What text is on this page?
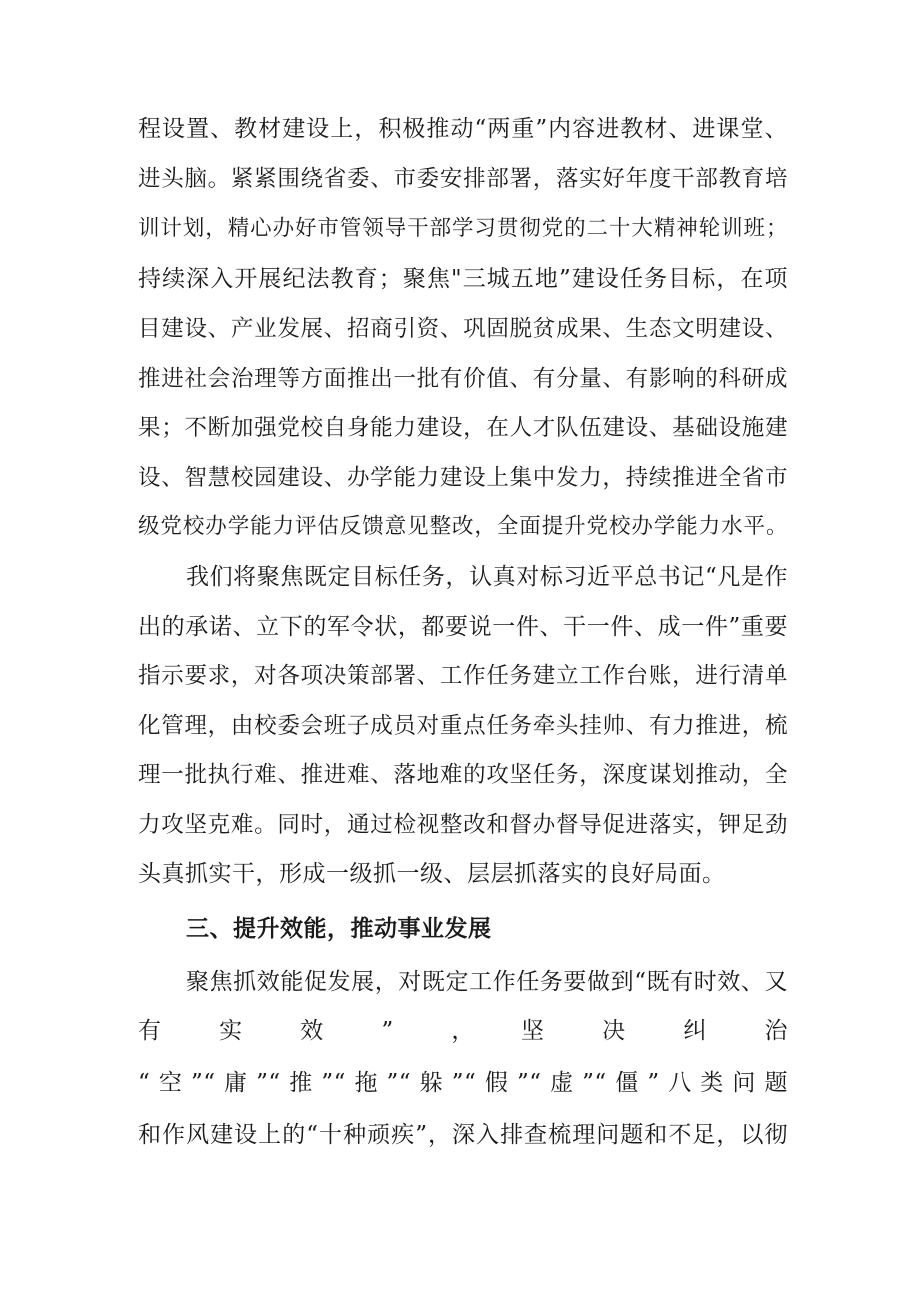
程设置、教材建设上，积极推动“两重”内容进教材、进课堂、
进头脑。紧紧围绕省委、市委安排部署，落实好年度干部教育培
训计划，精心办好市管领导干部学习贯彻党的二十大精神轮训班；
持续深入开展纪法教育；聚焦"三城五地”建设任务目标，在项
目建设、产业发展、招商引资、巩固脱贫成果、生态文明建设、
推进社会治理等方面推出一批有价值、有分量、有影响的科研成
果；不断加强党校自身能力建设，在人才队伍建设、基础设施建
设、智慧校园建设、办学能力建设上集中发力，持续推进全省市
级党校办学能力评估反馈意见整改，全面提升党校办学能力水平。
我们将聚焦既定目标任务，认真对标习近平总书记“凡是作
出的承诺、立下的军令状，都要说一件、干一件、成一件”重要
指示要求，对各项决策部署、工作任务建立工作台账，进行清单
化管理，由校委会班子成员对重点任务牵头挂帅、有力推进，梳
理一批执行难、推进难、落地难的攻坚任务，深度谋划推动，全
力攻坚克难。同时，通过检视整改和督办督导促进落实，钾足劲
头真抓实干，形成一级抓一级、层层抓落实的良好局面。
三、提升效能，推动事业发展
聚焦抓效能促发展，对既定工作任务要做到“既有时效、又
有　　实　　效　　”　　，　　坚　　决　　纠　　治
“空”“庸”“推”“拖”“躲”“假”“虚”“僵”八类问题
和作风建设上的“十种顽疾”，深入排查梳理问题和不足，以彻
